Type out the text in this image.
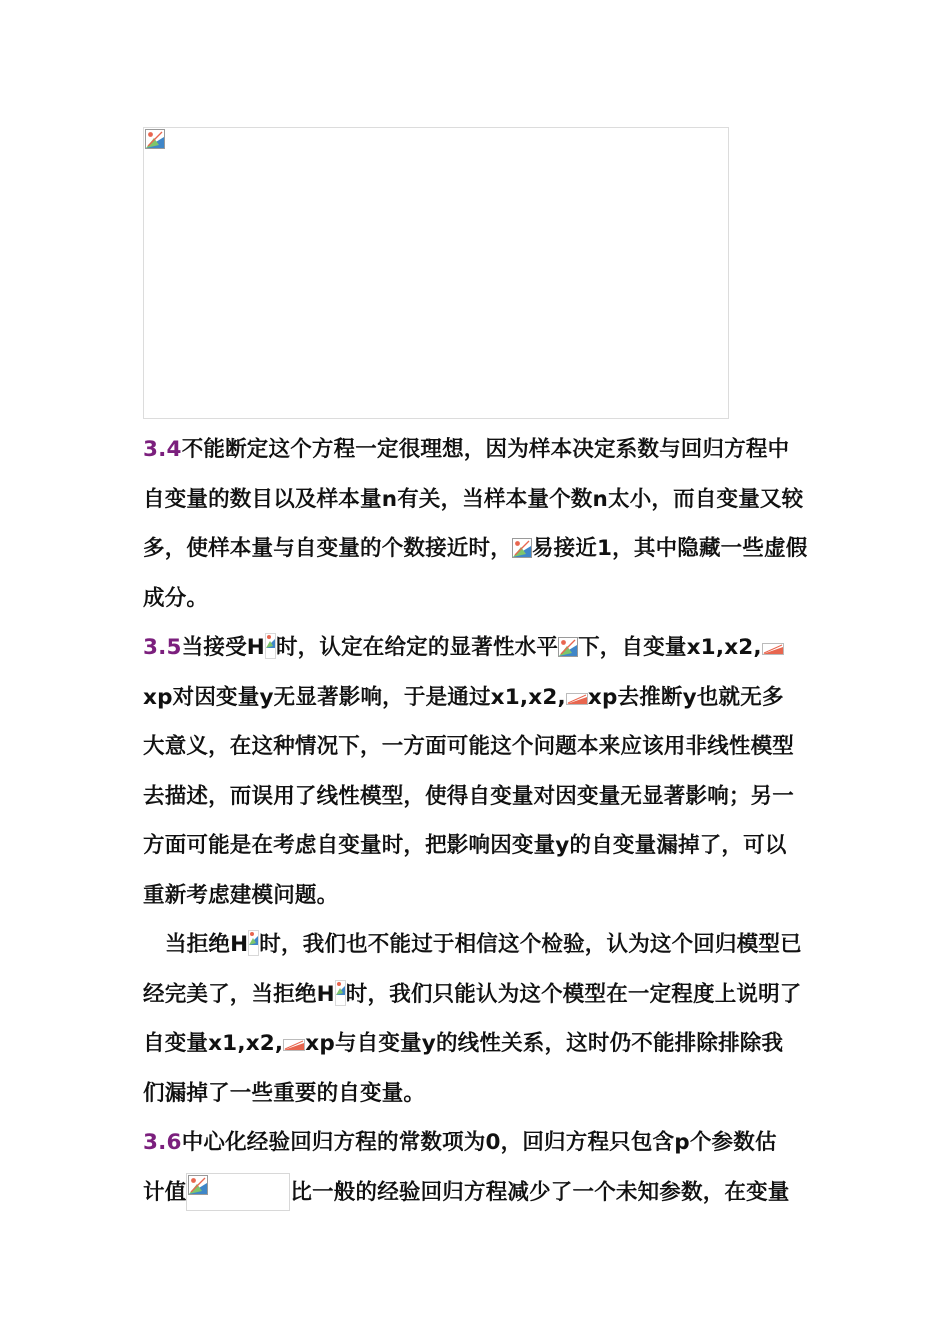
3.4不能断定这个方程一定很理想，因为样本决定系数与回归方程中
自变量的数目以及样本量n有关，当样本量个数n太小，而自变量又较
多，使样本量与自变量的个数接近时， 易接近1，其中隐藏一些虚假
成分。
3.5当接受H 时，认定在给定的显著性水平 下，自变量x1,x2,
xp对因变量y无显著影响，于是通过x1,x2, xp去推断y也就无多
大意义，在这种情况下，一方面可能这个问题本来应该用非线性模型
去描述，而误用了线性模型，使得自变量对因变量无显著影响；另一
方面可能是在考虑自变量时，把影响因变量y的自变量漏掉了，可以
重新考虑建模问题。
当拒绝H 时，我们也不能过于相信这个检验，认为这个回归模型已
经完美了，当拒绝H 时，我们只能认为这个模型在一定程度上说明了
自变量x1,x2, xp与自变量y的线性关系，这时仍不能排除排除我
们漏掉了一些重要的自变量。
3.6中心化经验回归方程的常数项为0，回归方程只包含p个参数估
计值	比一般的经验回归方程减少了一个未知参数，在变量
